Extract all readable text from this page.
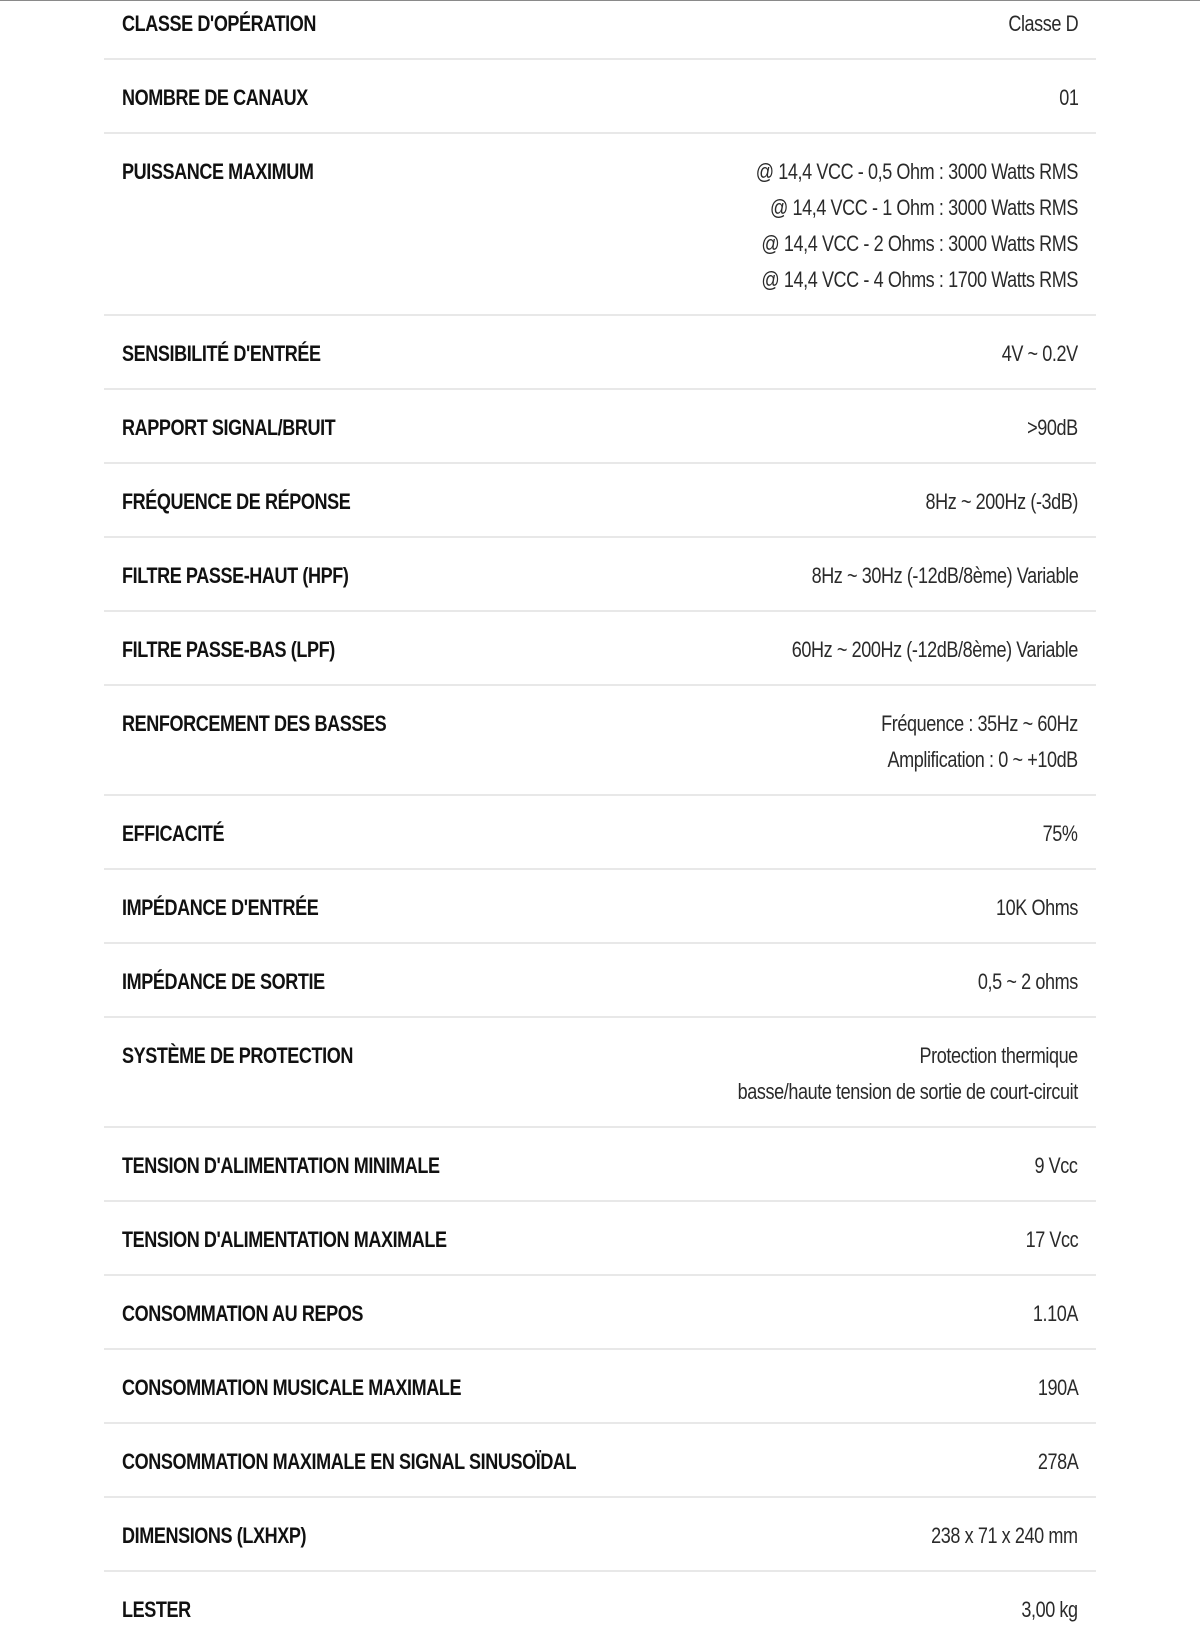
CLASSE D'OPÉRATION	Classe D
NOMBRE DE CANAUX	01
PUISSANCE MAXIMUM	@ 14,4 VCC - 0,5 Ohm : 3000 Watts RMS
@ 14,4 VCC - 1 Ohm : 3000 Watts RMS
@ 14,4 VCC - 2 Ohms : 3000 Watts RMS
@ 14,4 VCC - 4 Ohms : 1700 Watts RMS
SENSIBILITÉ D'ENTRÉE	4V ~ 0.2V
RAPPORT SIGNAL/BRUIT	>90dB
FRÉQUENCE DE RÉPONSE	8Hz ~ 200Hz (-3dB)
FILTRE PASSE-HAUT (HPF)	8Hz ~ 30Hz (-12dB/8ème) Variable
FILTRE PASSE-BAS (LPF)	60Hz ~ 200Hz (-12dB/8ème) Variable
RENFORCEMENT DES BASSES	Fréquence : 35Hz ~ 60Hz
Amplification : 0 ~ +10dB
EFFICACITÉ	75%
IMPÉDANCE D'ENTRÉE	10K Ohms
IMPÉDANCE DE SORTIE	0,5 ~ 2 ohms
SYSTÈME DE PROTECTION	Protection thermique
basse/haute tension de sortie de court-circuit
TENSION D'ALIMENTATION MINIMALE	9 Vcc
TENSION D'ALIMENTATION MAXIMALE	17 Vcc
CONSOMMATION AU REPOS	1.10A
CONSOMMATION MUSICALE MAXIMALE	190A
CONSOMMATION MAXIMALE EN SIGNAL SINUSOÏDAL	278A
DIMENSIONS (LXHXP)	238 x 71 x 240 mm
LESTER	3,00 kg
